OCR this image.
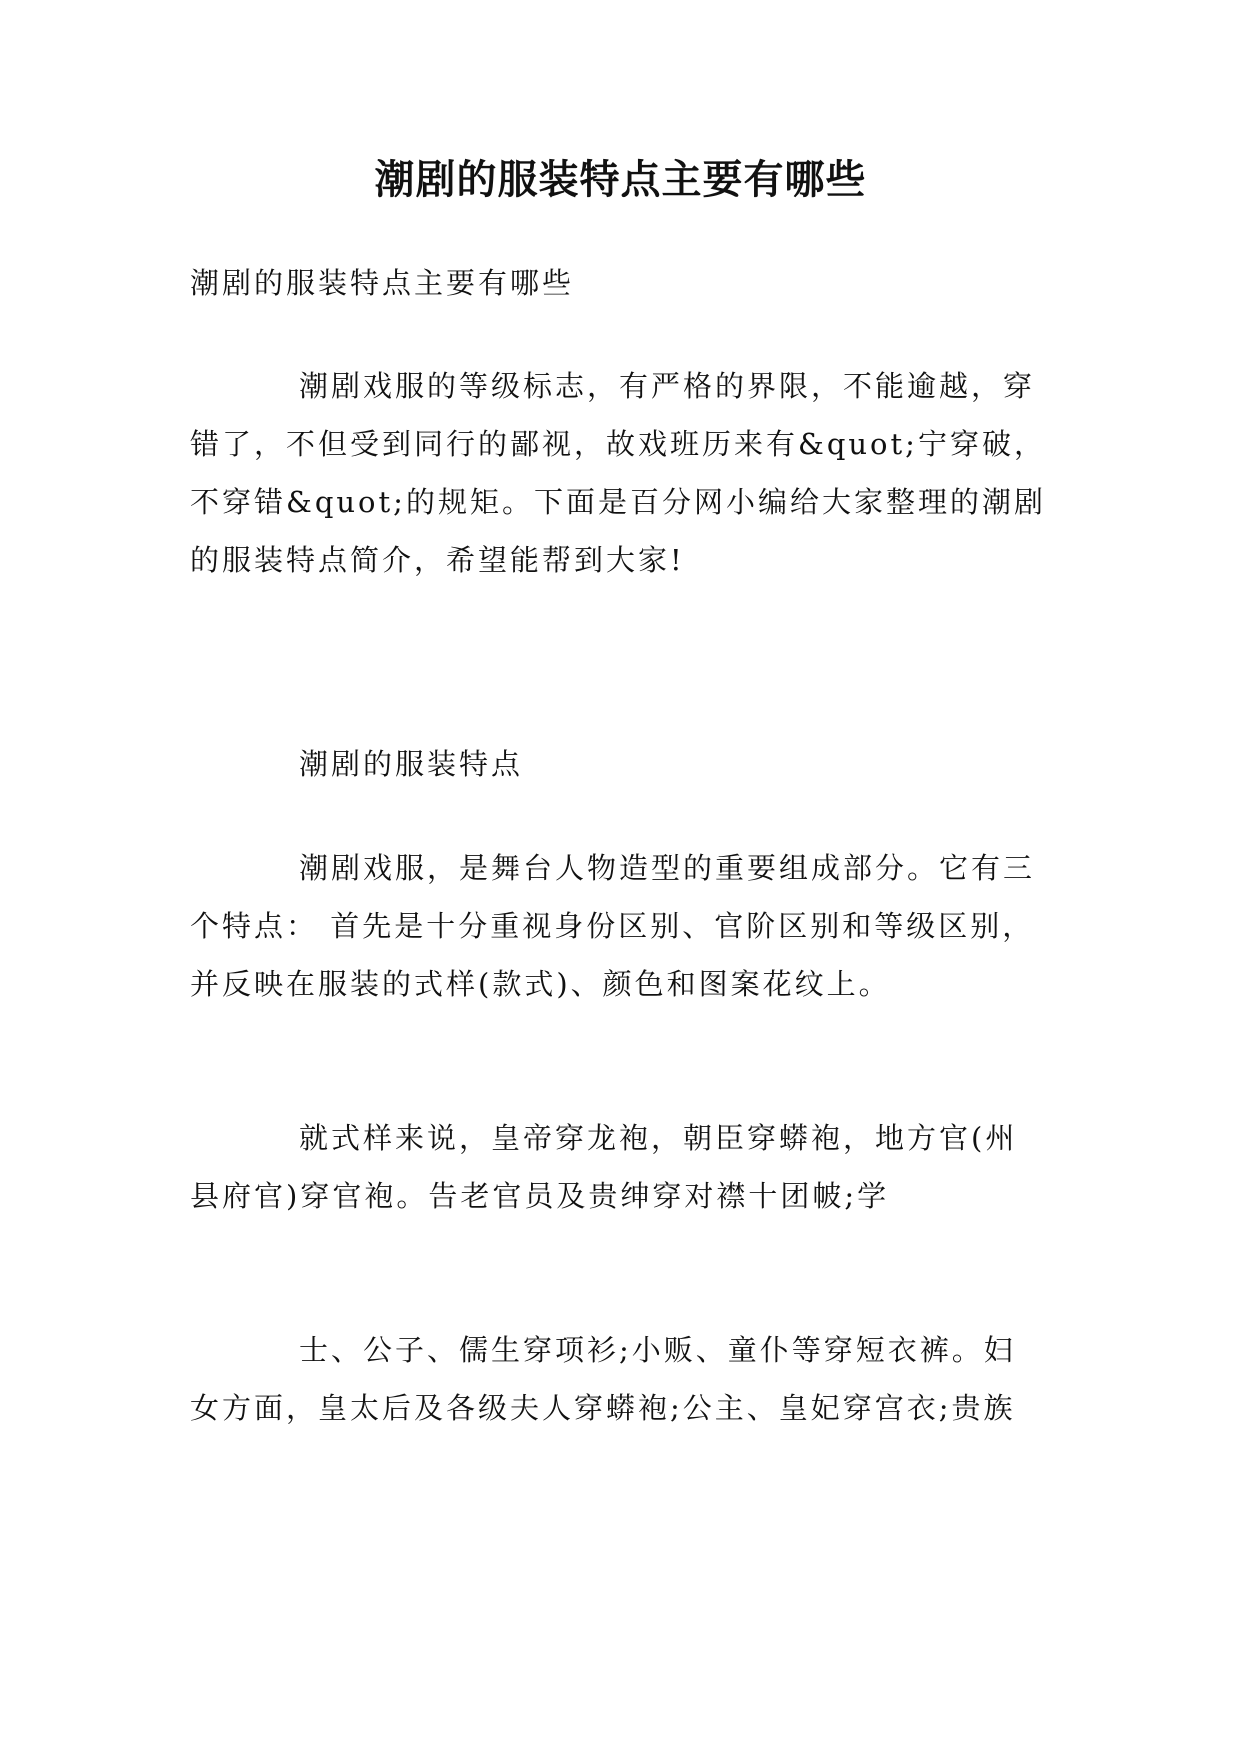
潮剧的服装特点主要有哪些
潮剧的服装特点主要有哪些
潮剧戏服的等级标志，有严格的界限，不能逾越，穿
错了，不但受到同行的鄙视，故戏班历来有&quot;宁穿破，
不穿错&quot;的规矩。下面是百分网小编给大家整理的潮剧
的服装特点简介，希望能帮到大家!
潮剧的服装特点
潮剧戏服，是舞台人物造型的重要组成部分。它有三
个特点： 首先是十分重视身份区别、官阶区别和等级区别，
并反映在服装的式样(款式)、颜色和图案花纹上。
就式样来说，皇帝穿龙袍，朝臣穿蟒袍，地方官(州
县府官)穿官袍。告老官员及贵绅穿对襟十团帔;学
士、公子、儒生穿项衫;小贩、童仆等穿短衣裤。妇
女方面，皇太后及各级夫人穿蟒袍;公主、皇妃穿宫衣;贵族
